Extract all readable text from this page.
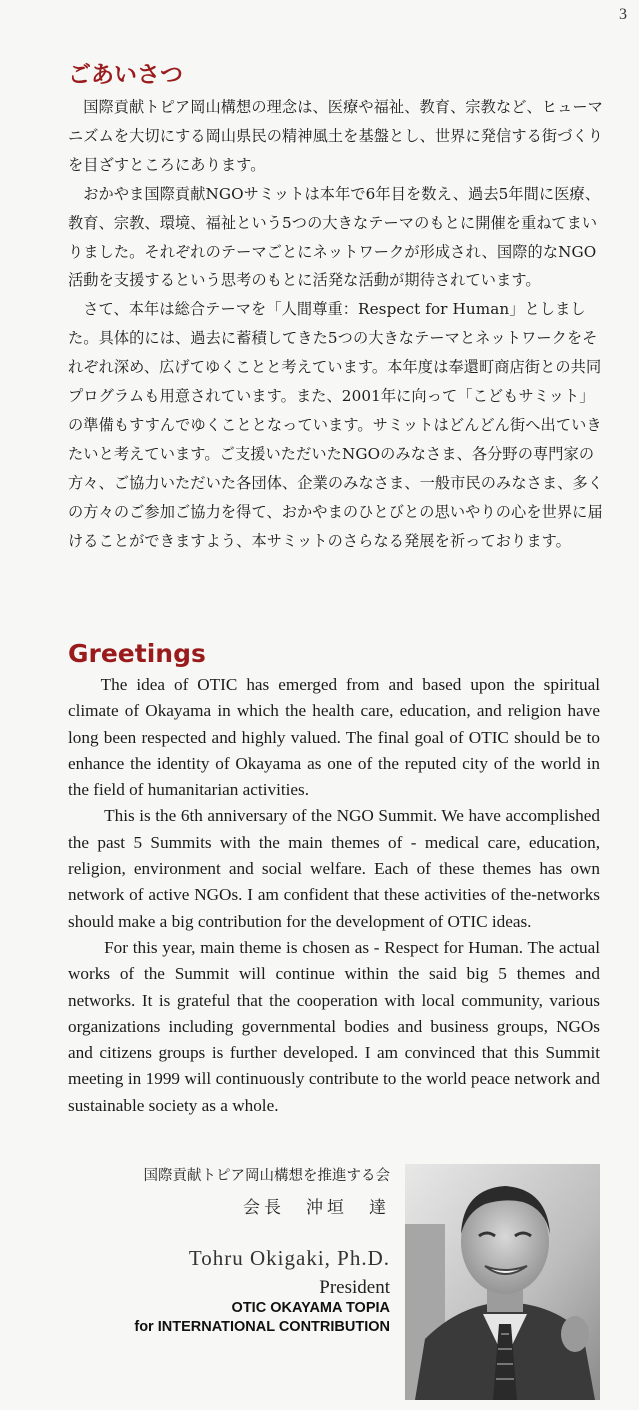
3
ごあいさつ

国際貢献トピア岡山構想の理念は、医療や福祉、教育、宗教など、ヒューマニズムを大切にする岡山県民の精神風土を基盤とし、世界に発信する街づくりを目ざすところにあります。

おかやま国際貢献NGOサミットは本年で6年目を数え、過去5年間に医療、教育、宗教、環境、福祉という5つの大きなテーマのもとに開催を重ねてまいりました。それぞれのテーマごとにネットワークが形成され、国際的なNGO活動を支援するという思考のもとに活発な活動が期待されています。

さて、本年は総合テーマを「人間尊重：Respect for Human」としました。具体的には、過去に蓄積してきた5つの大きなテーマとネットワークをそれぞれ深め、広げてゆくことと考えています。本年度は奉還町商店街との共同プログラムも用意されています。また、2001年に向って「こどもサミット」の準備もすすんでゆくこととなっています。サミットはどんどん街へ出ていきたいと考えています。ご支援いただいたNGOのみなさま、各分野の専門家の方々、ご協力いただいた各団体、企業のみなさま、一般市民のみなさま、多くの方々のご参加ご協力を得て、おかやまのひとびとの思いやりの心を世界に届けることができますよう、本サミットのさらなる発展を祈っております。

Greetings

The idea of OTIC has emerged from and based upon the spiritual climate of Okayama in which the health care, education, and religion have long been respected and highly valued. The final goal of OTIC should be to enhance the identity of Okayama as one of the reputed city of the world in the field of humanitarian activities.

This is the 6th anniversary of the NGO Summit. We have accomplished the past 5 Summits with the main themes of - medical care, education, religion, environment and social welfare. Each of these themes has own network of active NGOs. I am confident that these activities of the-networks should make a big contribution for the development of OTIC ideas.

For this year, main theme is chosen as - Respect for Human. The actual works of the Summit will continue within the said big 5 themes and networks. It is grateful that the cooperation with local community, various organizations including governmental bodies and business groups, NGOs and citizens groups is further developed. I am convinced that this Summit meeting in 1999 will continuously contribute to the world peace network and sustainable society as a whole.

国際貢献トピア岡山構想を推進する会
会長　沖垣　達
Tohru Okigaki, Ph.D.
President
OTIC OKAYAMA TOPIA
for INTERNATIONAL CONTRIBUTION
